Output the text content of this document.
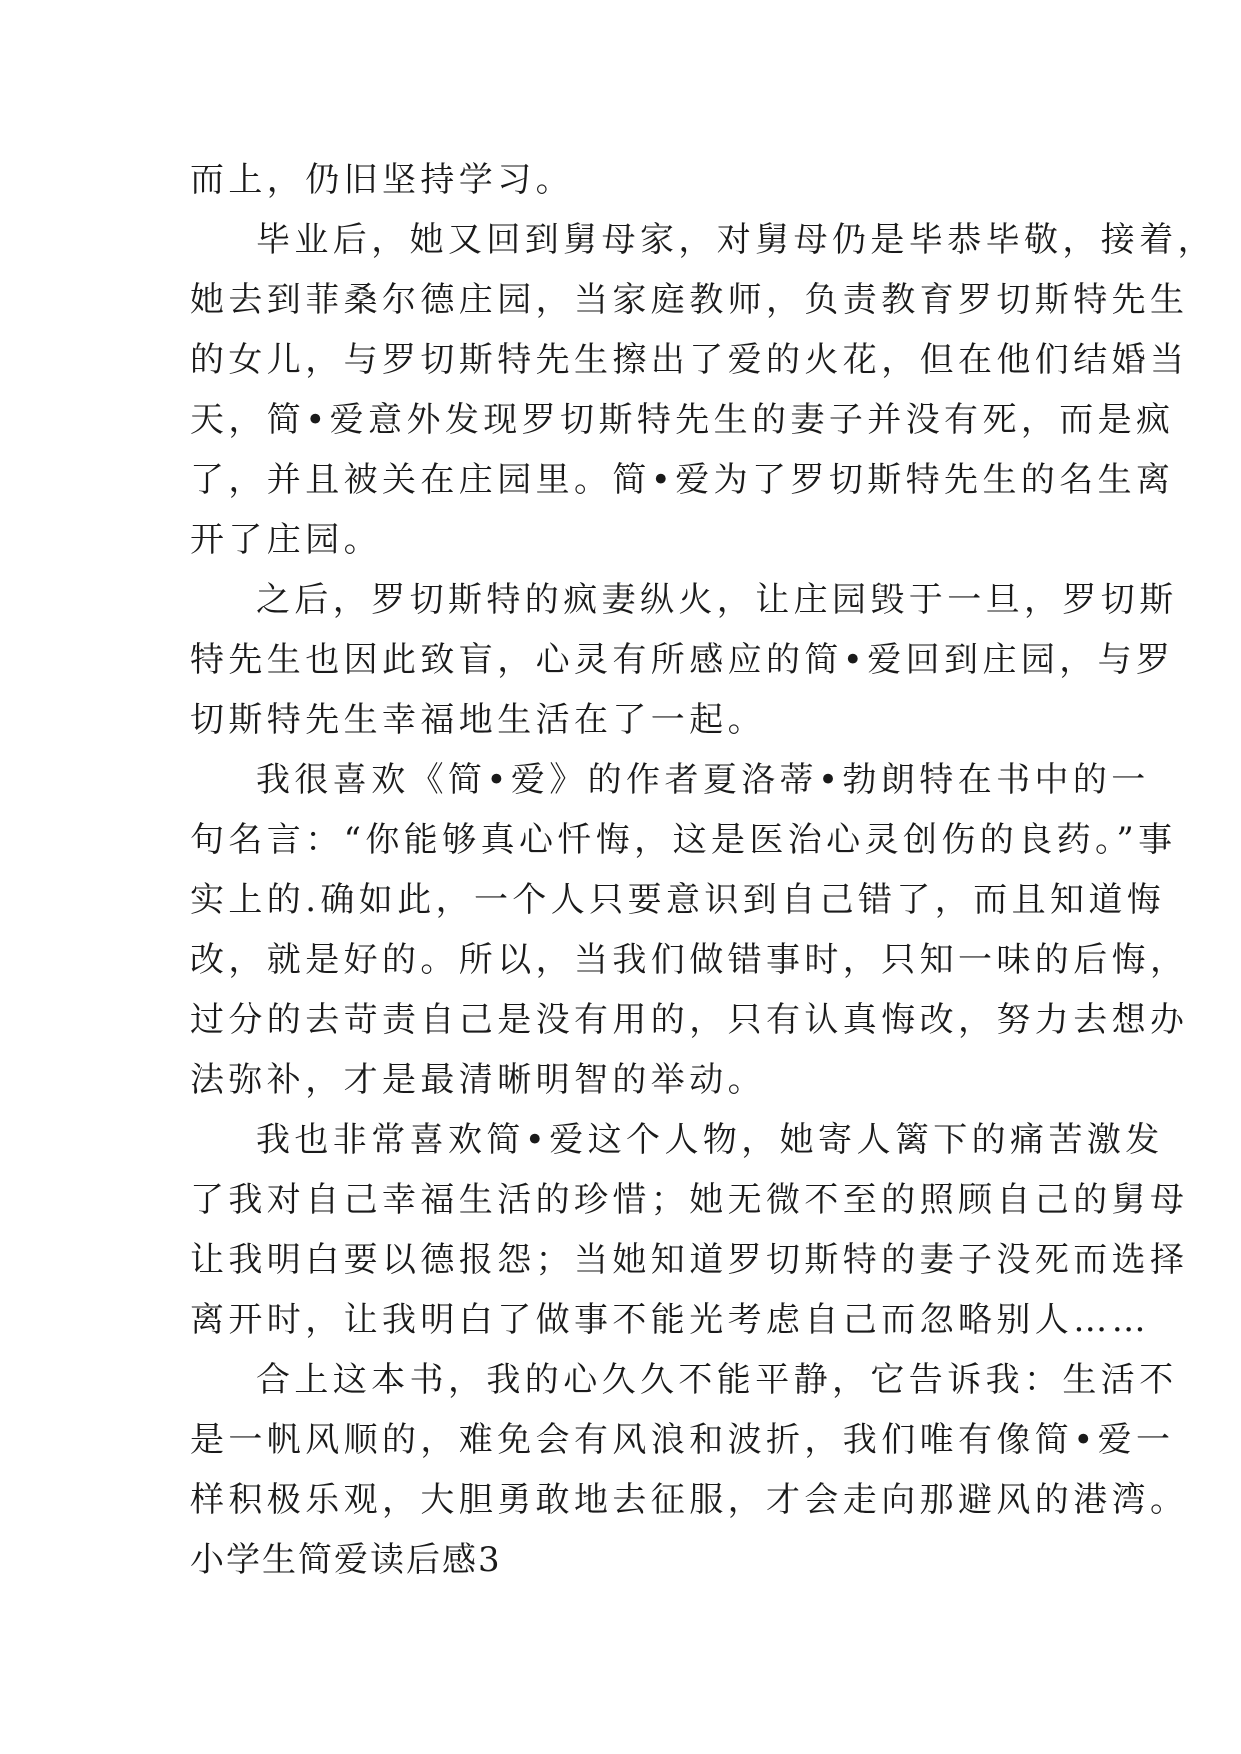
而上，仍旧坚持学习。
毕业后，她又回到舅母家，对舅母仍是毕恭毕敬，接着，
她去到菲桑尔德庄园，当家庭教师，负责教育罗切斯特先生
的女儿，与罗切斯特先生擦出了爱的火花，但在他们结婚当
天，简•爱意外发现罗切斯特先生的妻子并没有死，而是疯
了，并且被关在庄园里。简•爱为了罗切斯特先生的名生离
开了庄园。
之后，罗切斯特的疯妻纵火，让庄园毁于一旦，罗切斯
特先生也因此致盲，心灵有所感应的简•爱回到庄园，与罗
切斯特先生幸福地生活在了一起。
我很喜欢《简•爱》的作者夏洛蒂•勃朗特在书中的一
句名言：“你能够真心忏悔，这是医治心灵创伤的良药。”事
实上的.确如此，一个人只要意识到自己错了，而且知道悔
改，就是好的。所以，当我们做错事时，只知一味的后悔，
过分的去苛责自己是没有用的，只有认真悔改，努力去想办
法弥补，才是最清晰明智的举动。
我也非常喜欢简•爱这个人物，她寄人篱下的痛苦激发
了我对自己幸福生活的珍惜；她无微不至的照顾自己的舅母
让我明白要以德报怨；当她知道罗切斯特的妻子没死而选择
离开时，让我明白了做事不能光考虑自己而忽略别人……
合上这本书，我的心久久不能平静，它告诉我：生活不
是一帆风顺的，难免会有风浪和波折，我们唯有像简•爱一
样积极乐观，大胆勇敢地去征服，才会走向那避风的港湾。
小学生简爱读后感3
